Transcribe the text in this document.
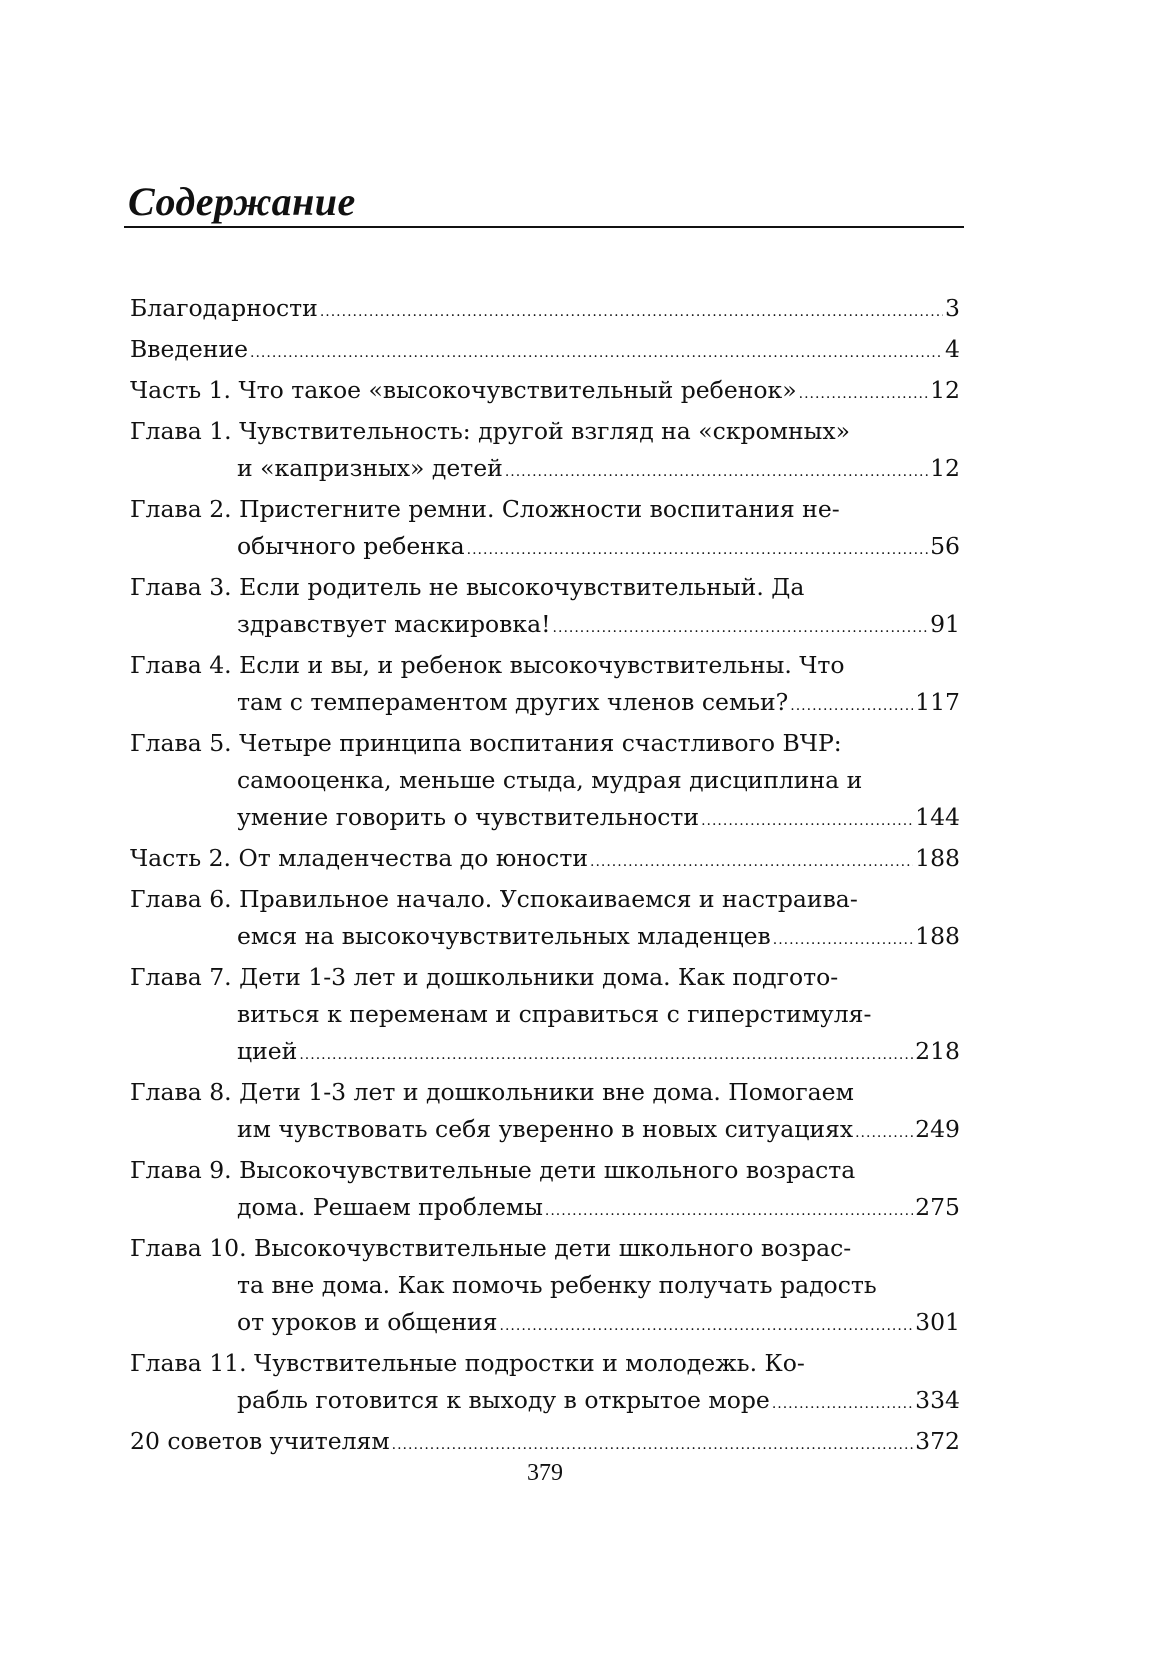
Содержание
Благодарности .....	3
Введение .....	4
Часть 1. Что такое «высокочувствительный ребенок» .....	12
Глава 1. Чувствительность: другой взгляд на «скромных»
и «капризных» детей .....	12
Глава 2. Пристегните ремни. Сложности воспитания не-
обычного ребенка .....	56
Глава 3. Если родитель не высокочувствительный. Да
здравствует маскировка! .....	91
Глава 4. Если и вы, и ребенок высокочувствительны. Что
там с темпераментом других членов семьи? .....	117
Глава 5. Четыре принципа воспитания счастливого ВЧР:
самооценка, меньше стыда, мудрая дисциплина и
умение говорить о чувствительности .....	144
Часть 2. От младенчества до юности .....	188
Глава 6. Правильное начало. Успокаиваемся и настраива-
емся на высокочувствительных младенцев .....	188
Глава 7. Дети 1-3 лет и дошкольники дома. Как подгото-
виться к переменам и справиться с гиперстимуля-
цией .....	218
Глава 8. Дети 1-3 лет и дошкольники вне дома. Помогаем
им чувствовать себя уверенно в новых ситуациях .....	249
Глава 9. Высокочувствительные дети школьного возраста
дома. Решаем проблемы .....	275
Глава 10. Высокочувствительные дети школьного возрас-
та вне дома. Как помочь ребенку получать радость
от уроков и общения .....	301
Глава 11. Чувствительные подростки и молодежь. Ко-
рабль готовится к выходу в открытое море .....	334
20 советов учителям .....	372
379
